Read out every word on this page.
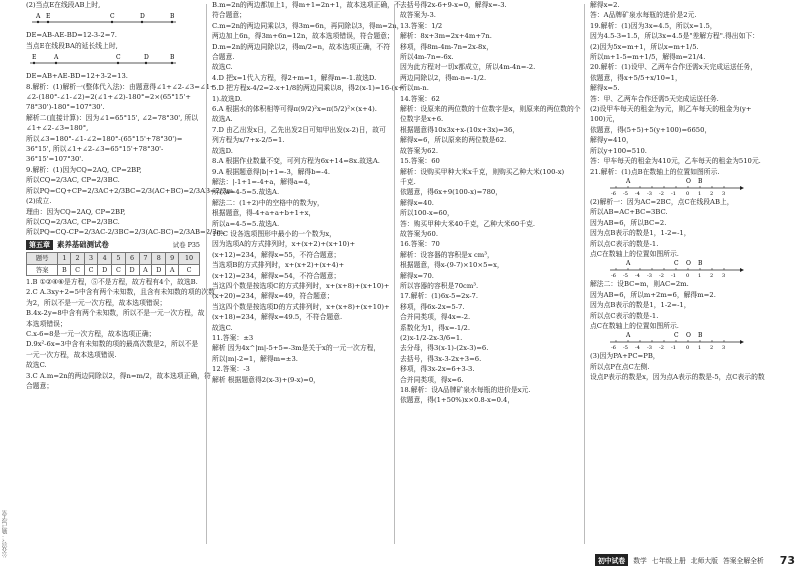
(2)当点E在线段AB上时,
A E	C	D	B
DE=AB-AE-BD=12-3-2=7.
当点E在线段BA的延长线上时,
E	A	C	D	B
DE=AB+AE-BD=12+3-2=13.
8.解析：(1)解析一(整体代入法)：由题意得∠1+∠2-∠3=∠1+
∠2-(180°-∠1-∠2)=2(∠1+∠2)-180°=2×(65°15'+
78°30')-180°=107°30'.
解析二(直接计算)：因为∠1=65°15', ∠2=78°30', 所以
∠1+∠2-∠3=180°,
所以∠3=180°-∠1-∠2=180°-(65°15'+78°30')=
36°15', 所以∠1+∠2-∠3=65°15'+78°30'-
36°15'=107°30'.
9.解析：(1)因为CQ=2AQ, CP=2BP,
所以CQ=2/3AC, CP=2/3BC.
所以PQ=CQ+CP=2/3AC+2/3BC=2/3(AC+BC)=2/3AB=2/3m.
(2)成立.
理由：因为CQ=2AQ, CP=2BP,
所以CQ=2/3AC, CP=2/3BC.
所以PQ=CQ-CP=2/3AC-2/3BC=2/3(AC-BC)=2/3AB=2/3m.
第五章 素养基础测试卷	试卷 P35
题号	1	2	3	4	5	6	7	8	9	10
答案	B	C	C	D	C	D	A	D	A	C
1.B ①②④⑥是方程，⑤不是方程，故方程有4个，故选B.
2.C A.3xy+2=5中含有两个未知数，且含有未知数的项的次数
为2，所以不是一元一次方程，故本选项错误；
B.4x-2y=8中含有两个未知数，所以不是一元一次方程，故
本选项错误；
C.x-6=8是一元一次方程，故本选项正确；
D.9x²-6x=3中含有未知数的项的最高次数是2，所以不是
一元一次方程，故本选项错误.
故选C.
3.C A.m=2n的两边同除以2，得n=m/2，故本选项正确，符
合题意；
B.m=2n的两边都加上1，得m+1=2n+1，故本选项正确，不
符合题意；
C.m=2n的两边同乘以3，得3m=6n，再同除以3，得m=2n，
两边加上6n，得3m+6n=12n，故本选项错误，符合题意；
D.m=2n的两边同除以2，得m/2=n，故本选项正确，不符
合题意.
故选C.
4.D 把x=1代入方程，得2+m=1，解得m=-1.故选D.
5.D 把方程x-4/2=2-x+1/8的两边同乘以8，得2(x-1)=16-(x+
1).故选D.
6.A 根据水的体积相等可得π(9/2)²x=π(5/2)²×(x+4).
故选A.
7.D 由乙出发x日，乙先出发2日可知甲出发(x-2)日，故可
列方程为x/7+x-2/5=1.
故选D.
8.A 根据作业数量不变，可列方程为6x+14=8x.故选A.
9.A 根据题意得|b|+1=-3，解得b=-4.
解法：|-1+1=-4+a，解得a=4，
所以a=4-5=5.故选A.
解法二：(1+2)中的空格中的数为y，
根据题意，得-4+a+a+b+1+x，
所以a=4-5=5.故选A.
10.C 设各选项图形中最小的一个数为x，
因为选项A的方式排列时，x+(x+2)+(x+10)+
(x+12)=234，解得x=55，不符合题意；
当选项B的方式排列时，x+(x+2)+(x+4)+
(x+12)=234，解得x=54，不符合题意；
当这四个数是按选项C的方式排列时，x+(x+8)+(x+10)+
(x+20)=234，解得x=49，符合题意；
当这四个数是按选项D的方式排列时，x+(x+8)+(x+10)+
(x+18)=234，解得x=49.5，不符合题意.
故选C.
11.答案：±3
解析 因为4x^|m|-5+5=-3m是关于x的一元一次方程，
所以|m|-2=1，解得m=±3.
12.答案：-3
解析 根据题意得2(x-3)+(9-x)=0，
去括号得2x-6+9-x=0，解得x=-3.
故答案为-3.
13.答案：1/2
解析：8x+3m=2x+4m+7n.
移项，得8m-4m-7n=2x-8x，
所以4m-7n=-6x.
因为此方程对一切x都成立，所以4m-4n=-2.
两边同除以2，得m-n=-1/2.
所以m-n.
14.答案：62
解析：设原来的两位数的十位数字是x，则原来的两位数的个
位数字是x+6.
根据题意得10x3x+x-(10x+3x)=36，
解得x=6，所以原来的两位数是62.
故答案为62.
15.答案：60
解析：设购买甲种大米x千克，则购买乙种大米(100-x)
千克.
依题意，得6x+9(100-x)=780，
解得x=40.
所以100-x=60，
答：购买甲种大米40千克，乙种大米60千克.
故答案为60.
16.答案：70
解析：设容器的容积是x cm³，
根据题意，得x-(9-7)×10×5=x，
解得x=70.
所以容器的容积是70cm³.
17.解析：(1)6x-5=2x-7.
移项，得6x-2x=5-7.
合并同类项，得4x=-2.
系数化为1，得x=-1/2.
(2)x-1/2-2x-3/6=1.
去分母，得3(x-1)-(2x-3)=6.
去括号，得3x-3-2x+3=6.
移项，得3x-2x=6+3-3.
合并同类项，得x=6.
18.解析：设A品牌矿泉水每瓶的进价是x元.
依题意，得(1+50%)x×0.8-x=0.4，
解得x=2.
答：A品牌矿泉水每瓶的进价是2元.
19.解析：(1)因为3x=4.5，所以x=1.5，
因为4.5-3=1.5，所以3x=4.5是"差解方程".得出如下：
(2)因为5x=m+1，所以x=m+1/5.
所以m+1-5=m+1/5，解得m=21/4.
20.解析：(1)设甲、乙两车合作还需x天完成运送任务，
依题意，得x+5/5+x/10=1，
解得x=5.
答：甲、乙两车合作还需5天完成运送任务.
(2)设甲车每天的租金为y元，则乙车每天的租金为(y+
100)元，
依题意，得(5+5)+5(y+100)=6650，
解得y=410，
所以y+100=510.
答：甲车每天的租金为410元，乙车每天的租金为510元.
21.解析：(1)点B在数轴上的位置如图所示.
-6 -5 -4 -3 -2 -1 0 1 2 3
A	O B
(2)解析一：因为AC=2BC，点C在线段AB上，
所以AB=AC+BC=3BC.
因为AB=6，所以BC=2.
因为点B表示的数是1，1-2=-1，
所以点C表示的数是-1.
点C在数轴上的位置如图所示.
-6 -5 -4 -3 -2 -1 0 1 2 3
A	C O B
解法二：设BC=m，则AC=2m.
因为AB=6，所以m+2m=6，解得m=2.
因为点B表示的数是1，1-2=-1，
所以点C表示的数是-1.
点C在数轴上的位置如图所示.
-6 -5 -4 -3 -2 -1 0 1 2 3
A	C O B
(3)因为PA+PC=PB，
所以点P在点C左侧.
设点P表示的数是x，因为点A表示的数是-5，点C表示的数
公众号：勤己学堂
初中试卷	数学 七年级上册 北师大版 答案全解全析 73
